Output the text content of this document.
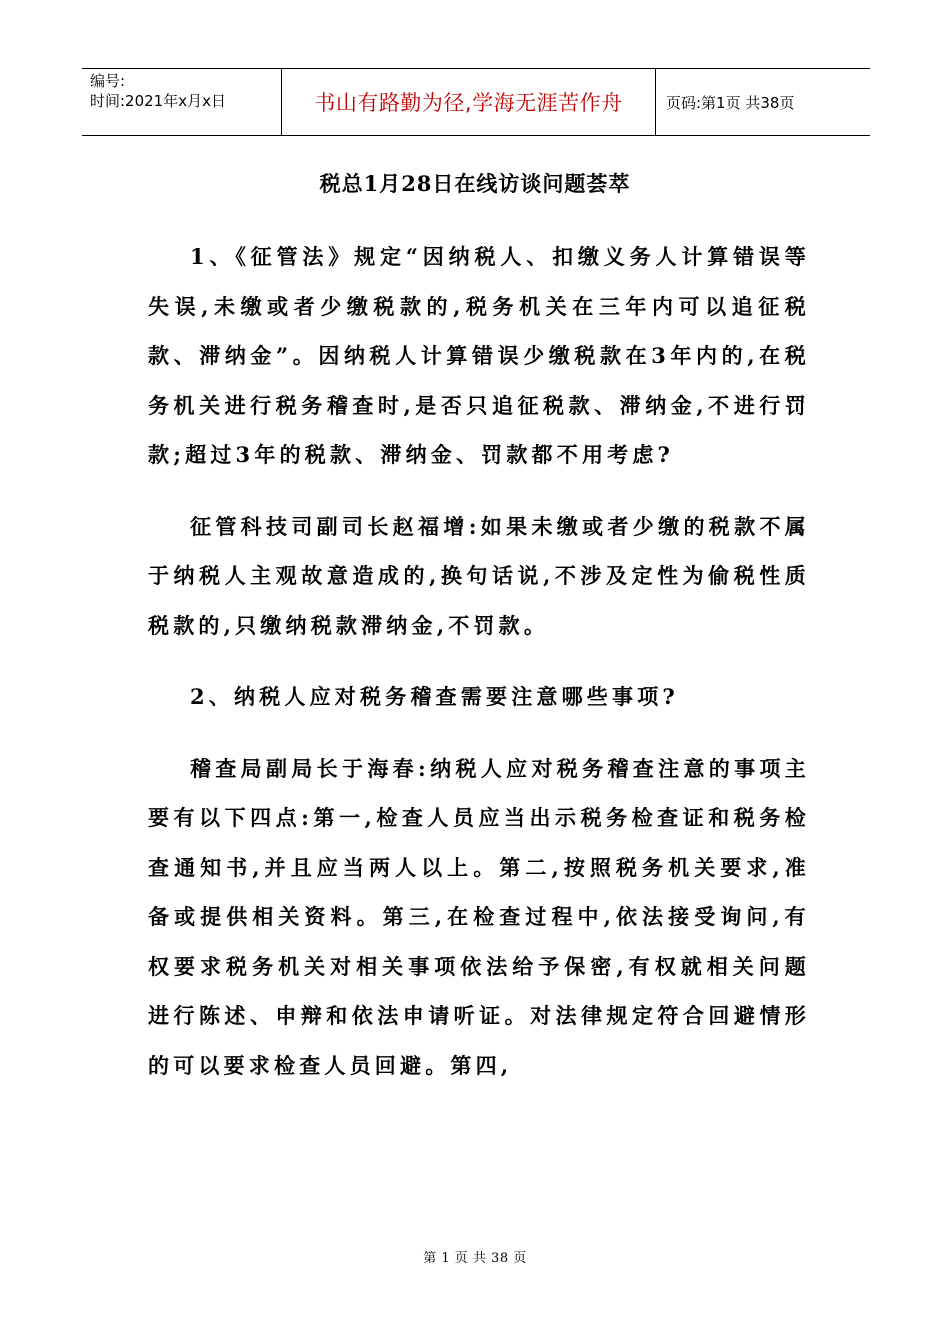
编号:
时间:2021年x月x日	书山有路勤为径,学海无涯苦作舟	页码:第1页 共38页
税总1月28日在线访谈问题荟萃

1、《征管法》规定“因纳税人、扣缴义务人计算错误等失误,未缴或者少缴税款的,税务机关在三年内可以追征税款、滞纳金”。因纳税人计算错误少缴税款在3年内的,在税务机关进行税务稽查时,是否只追征税款、滞纳金,不进行罚款;超过3年的税款、滞纳金、罚款都不用考虑?

征管科技司副司长赵福增:如果未缴或者少缴的税款不属于纳税人主观故意造成的,换句话说,不涉及定性为偷税性质税款的,只缴纳税款滞纳金,不罚款。

2、纳税人应对税务稽查需要注意哪些事项?

稽查局副局长于海春:纳税人应对税务稽查注意的事项主要有以下四点:第一,检查人员应当出示税务检查证和税务检查通知书,并且应当两人以上。第二,按照税务机关要求,准备或提供相关资料。第三,在检查过程中,依法接受询问,有权要求税务机关对相关事项依法给予保密,有权就相关问题进行陈述、申辩和依法申请听证。对法律规定符合回避情形的可以要求检查人员回避。第四,

第 1 页 共 38 页
